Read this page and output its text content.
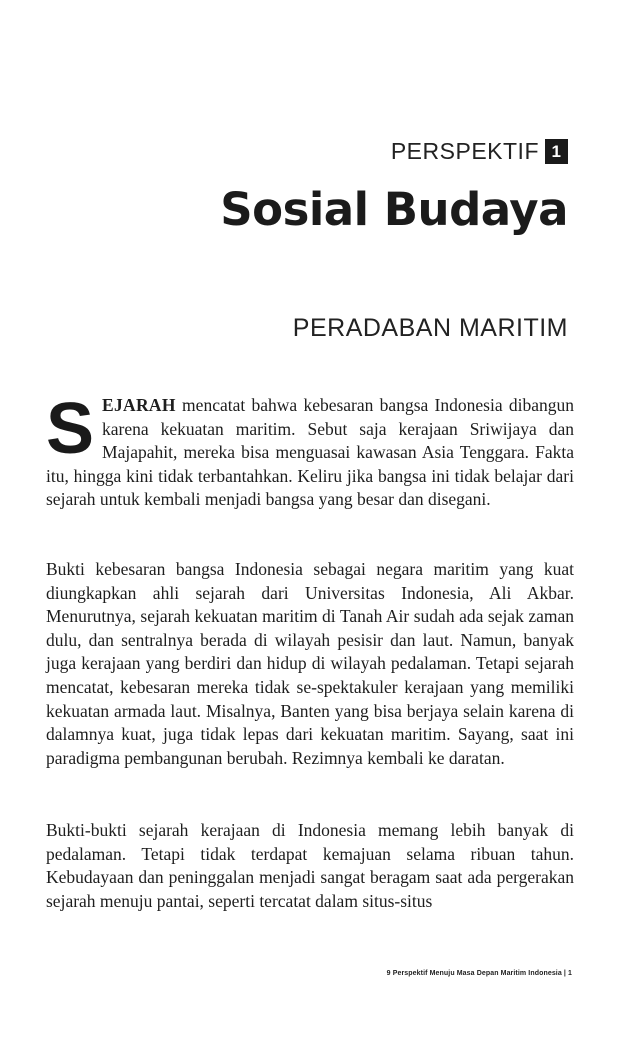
PERSPEKTIF 1
Sosial Budaya
PERADABAN MARITIM
SEJARAH mencatat bahwa kebesaran bangsa Indonesia dibangun karena kekuatan maritim. Sebut saja kerajaan Sriwijaya dan Majapahit, mereka bisa menguasai kawasan Asia Tenggara. Fakta itu, hingga kini tidak terbantahkan. Keliru jika bangsa ini tidak belajar dari sejarah untuk kembali menjadi bangsa yang besar dan disegani.
Bukti kebesaran bangsa Indonesia sebagai negara maritim yang kuat diungkapkan ahli sejarah dari Universitas Indonesia, Ali Akbar. Menurutnya, sejarah kekuatan maritim di Tanah Air sudah ada sejak zaman dulu, dan sentralnya berada di wilayah pesisir dan laut. Namun, banyak juga kerajaan yang berdiri dan hidup di wilayah pedalaman. Tetapi sejarah mencatat, kebesaran mereka tidak se-spektakuler kerajaan yang memiliki kekuatan armada laut. Misalnya, Banten yang bisa berjaya selain karena di dalamnya kuat, juga tidak lepas dari kekuatan maritim. Sayang, saat ini paradigma pembangunan berubah. Rezimnya kembali ke daratan.
Bukti-bukti sejarah kerajaan di Indonesia memang lebih banyak di pedalaman. Tetapi tidak terdapat kemajuan selama ribuan tahun. Kebudayaan dan peninggalan menjadi sangat beragam saat ada pergerakan sejarah menuju pantai, seperti tercatat dalam situs-situs
9 Perspektif Menuju Masa Depan Maritim Indonesia | 1
